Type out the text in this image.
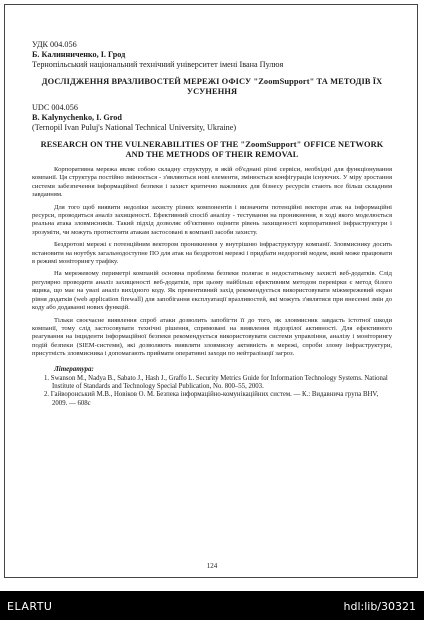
УДК 004.056
Б. Калинниченко, І. Грод
Тернопільський національний технічний університет імені Івана Пулюя
ДОСЛІДЖЕННЯ ВРАЗЛИВОСТЕЙ МЕРЕЖІ ОФІСУ "ZoomSupport" ТА МЕТОДІВ ЇХ УСУНЕННЯ
UDC 004.056
B. Kalynychenko, I. Grod
(Ternopil Ivan Puluj's National Technical University, Ukraine)
RESEARCH ON THE VULNERABILITIES OF THE "ZoomSupport" OFFICE NETWORK AND THE METHODS OF THEIR REMOVAL

Корпоративна мережа являє собою складну структуру, в якій об'єднані різні сервіси, необхідні для функціонування компанії. Ця структура постійно змінюється - з'являються нові елементи, змінюється конфігурація існуючих. У міру зростання системи забезпечення інформаційної безпеки і захист критично важливих для бізнесу ресурсів стають все більш складним завданням.

Для того щоб виявити недоліки захисту різних компонентів і визначити потенційні вектори атак на інформаційні ресурси, проводиться аналіз захищеності. Ефективний спосіб аналізу - тестування на проникнення, в ході якого моделюється реальна атака зловмисників. Такий підхід дозволяє об'єктивно оцінити рівень захищеності корпоративної інфраструктури і зрозуміти, чи можуть протистояти атакам застосовані в компанії засоби захисту.

Бездротові мережі є потенційним вектором проникнення у внутрішню інфраструктуру компанії. Зловмиснику досить встановити на ноутбук загальнодоступне ПО для атак на бездротові мережі і придбати недорогий модем, який може працювати в режимі моніторингу трафіку.

На мережевому периметрі компаній основна проблема безпеки полягає в недостатньому захисті веб-додатків. Слід регулярно проводити аналіз захищеності веб-додатків, при цьому найбільш ефективним методом перевірки є метод білого ящика, що має на увазі аналіз вихідного коду. Як превентивний захід рекомендується використовувати міжмережевий екран рівня додатків (web application firewall) для запобігання експлуатації вразливостей, які можуть з'являтися при внесенні змін до коду або додаванні нових функцій.

Тільки своєчасне виявлення спроб атаки дозволить запобігти її до того, як зловмисник завдасть істотної шкоди компанії, тому слід застосовувати технічні рішення, спрямовані на виявлення підозрілої активності. Для ефективного реагування на інциденти інформаційної безпеки рекомендується використовувати системи управління, аналізу і моніторингу подій безпеки (SIEM-системи), які дозволяють виявляти зловмисну активність в мережі, спроби злому інфраструктури, присутність зловмисника і допомагають приймати оперативні заходи по нейтралізації загроз.

Література:
1. Swanson M., Nadya B., Sabato J., Hash J., Graffo L. Security Metrics Guide for Information Technology Systems. National Institute of Standards and Technology Special Publication, No. 800–55, 2003.
2. Гайворонський М.В., Новіков О. М. Безпека інформаційно-комунікаційних систем. — К.: Видавнича група BHV, 2009. — 608с
124
ELARTU	hdl:lib/30321
